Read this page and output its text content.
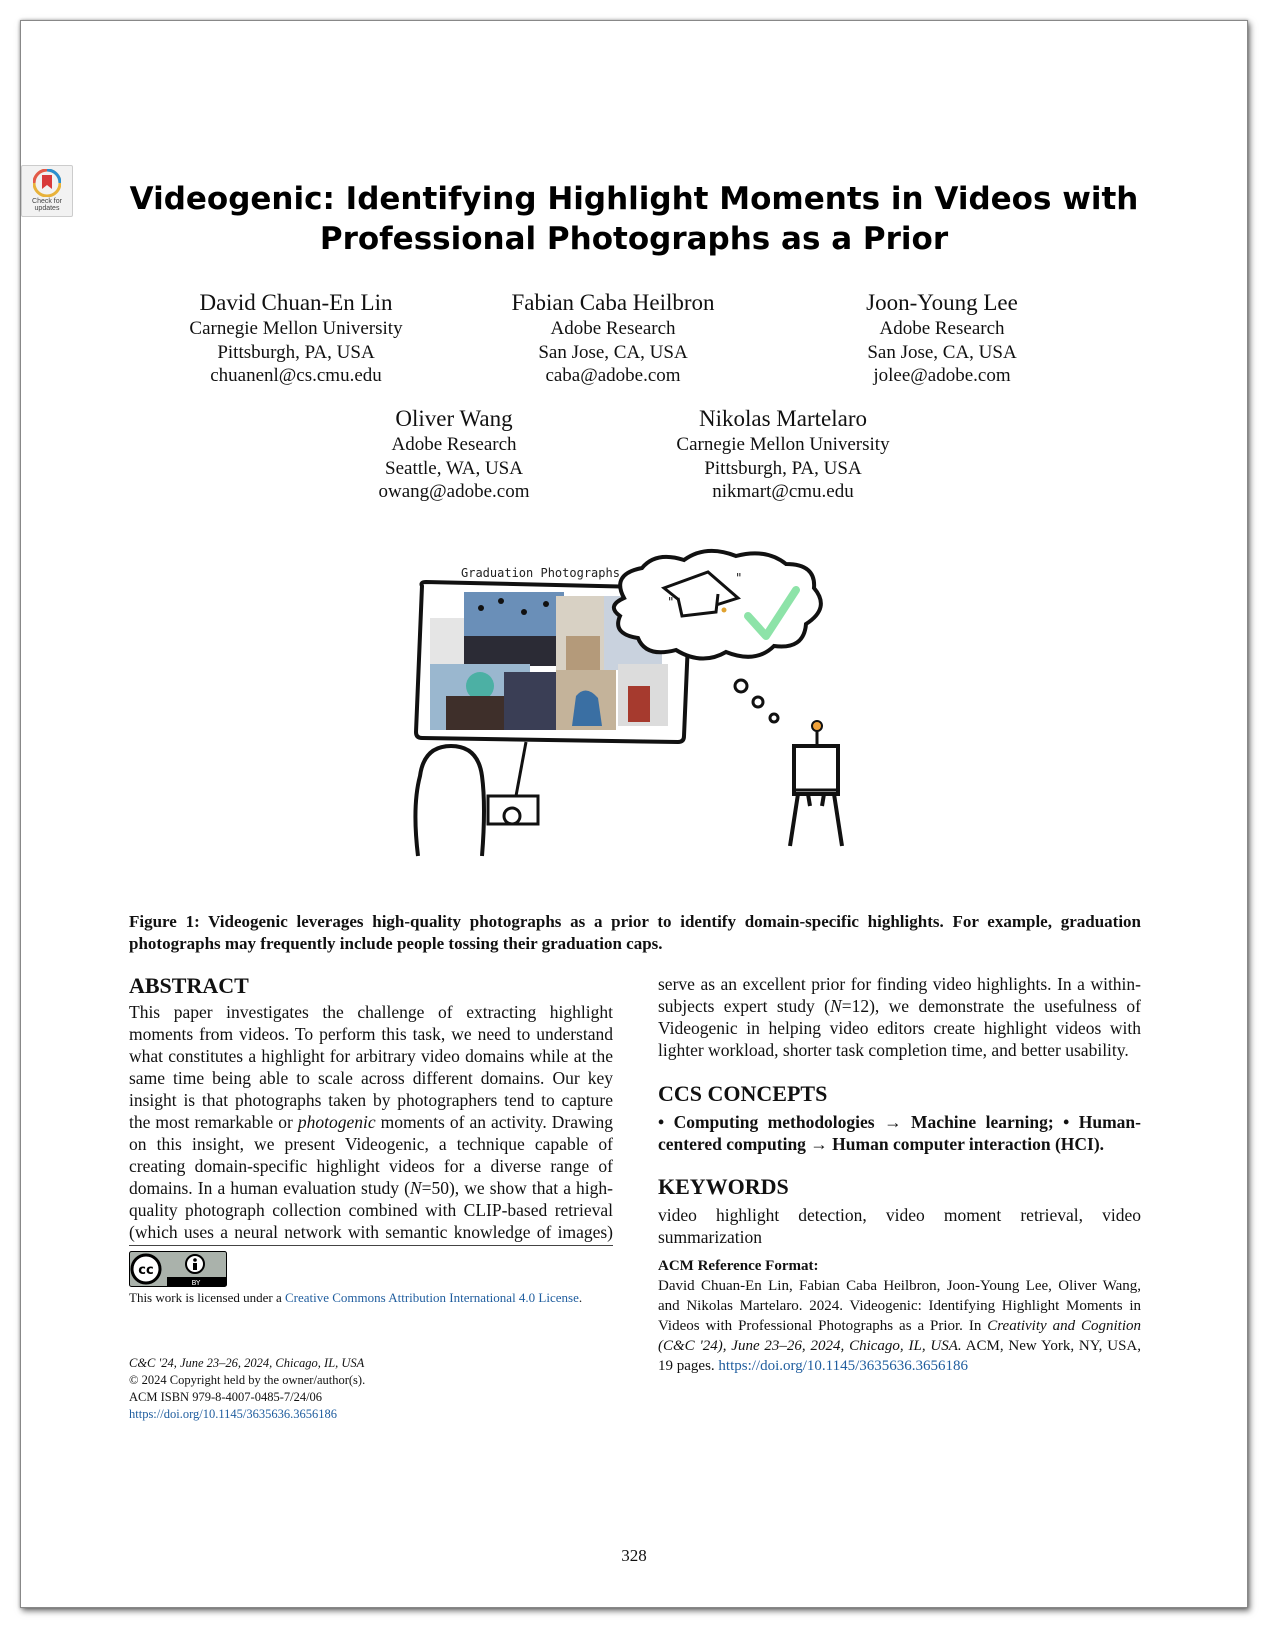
Check for
updates	Videogenic: Identifying Highlight Moments in Videos with
Professional Photographs as a Prior
David Chuan-En Lin
Carnegie Mellon University
Pittsburgh, PA, USA
chuanenl@cs.cmu.edu
Fabian Caba Heilbron
Adobe Research
San Jose, CA, USA
caba@adobe.com
Joon-Young Lee
Adobe Research
San Jose, CA, USA
jolee@adobe.com
Oliver Wang
Adobe Research
Seattle, WA, USA
owang@adobe.com
Nikolas Martelaro
Carnegie Mellon University
Pittsburgh, PA, USA
nikmart@cmu.edu
Graduation Photographs
"
"
Figure 1: Videogenic leverages high-quality photographs as a prior to identify domain-specific highlights. For example, graduation photographs may frequently include people tossing their graduation caps.
ABSTRACT

This paper investigates the challenge of extracting highlight moments from videos. To perform this task, we need to understand what constitutes a highlight for arbitrary video domains while at the same time being able to scale across different domains. Our key insight is that photographs taken by photographers tend to capture the most remarkable or photogenic moments of an activity. Drawing on this insight, we present Videogenic, a technique capable of creating domain-specific highlight videos for a diverse range of domains. In a human evaluation study (N=50), we show that a high-quality photograph collection combined with CLIP-based retrieval (which uses a neural network with semantic knowledge of images)

cc
BY
This work is licensed under a Creative Commons Attribution International 4.0 License.
C&C '24, June 23–26, 2024, Chicago, IL, USA
© 2024 Copyright held by the owner/author(s).
ACM ISBN 979-8-4007-0485-7/24/06
https://doi.org/10.1145/3635636.3656186

serve as an excellent prior for finding video highlights. In a within-subjects expert study (N=12), we demonstrate the usefulness of Videogenic in helping video editors create highlight videos with lighter workload, shorter task completion time, and better usability.

CCS CONCEPTS
• Computing methodologies → Machine learning; • Human-centered computing → Human computer interaction (HCI).
KEYWORDS

video highlight detection, video moment retrieval, video summarization

ACM Reference Format:
David Chuan-En Lin, Fabian Caba Heilbron, Joon-Young Lee, Oliver Wang, and Nikolas Martelaro. 2024. Videogenic: Identifying Highlight Moments in Videos with Professional Photographs as a Prior. In Creativity and Cognition (C&C '24), June 23–26, 2024, Chicago, IL, USA. ACM, New York, NY, USA, 19 pages. https://doi.org/10.1145/3635636.3656186
328
